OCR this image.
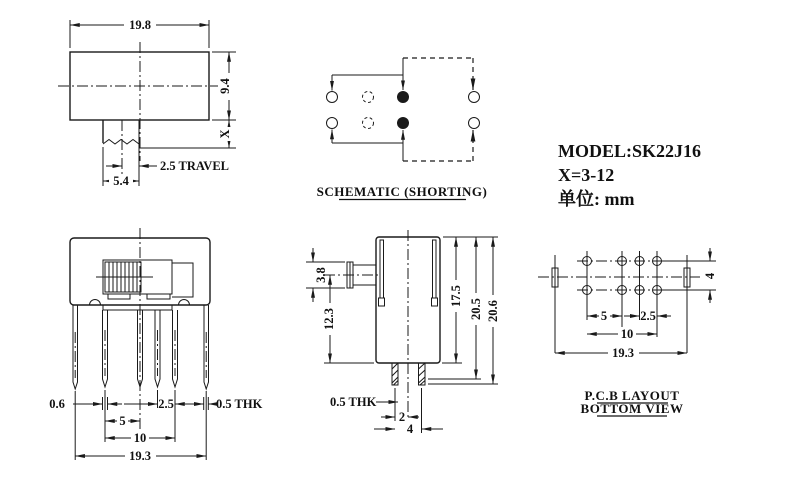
19.8
9.4
X
2.5 TRAVEL
5.4
SCHEMATIC (SHORTING)
MODEL:SK22J16
X=3-12
单位: mm
0.6	2.5	0.5 THK
5
10
19.3
3.8
12.3
17.5
20.5 20.6
0.5 THK
2
4
5	2.5
10
19.3
4
P.C.B LAYOUT
BOTTOM VIEW
